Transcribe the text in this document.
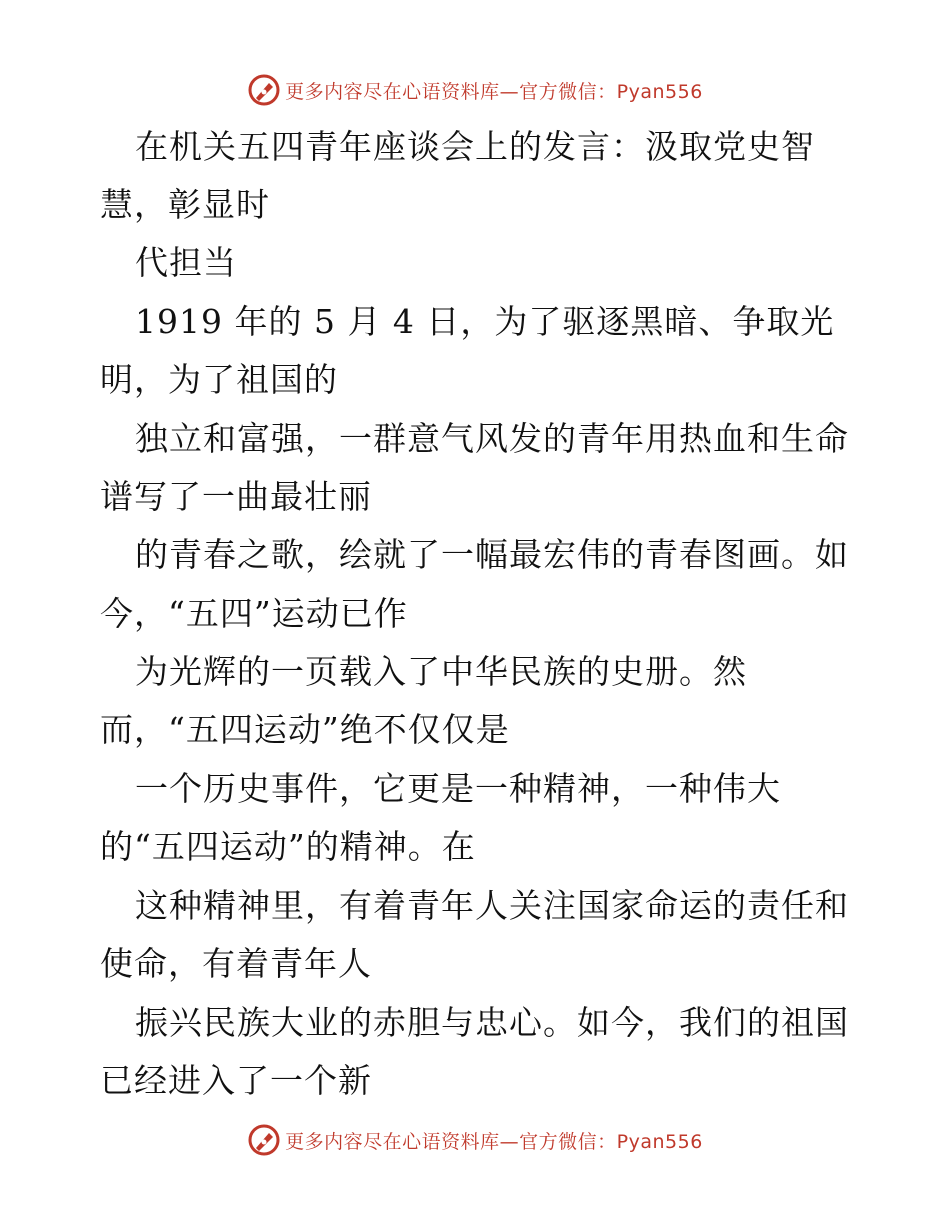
更多内容尽在心语资料库—官方微信：Pyan556
在机关五四青年座谈会上的发言：汲取党史智
慧，彰显时
代担当
1919 年的 5 月 4 日，为了驱逐黑暗、争取光
明，为了祖国的
独立和富强，一群意气风发的青年用热血和生命
谱写了一曲最壮丽
的青春之歌，绘就了一幅最宏伟的青春图画。如
今，“五四”运动已作
为光辉的一页载入了中华民族的史册。然
而，“五四运动”绝不仅仅是
一个历史事件，它更是一种精神，一种伟大
的“五四运动”的精神。在
这种精神里，有着青年人关注国家命运的责任和
使命，有着青年人
振兴民族大业的赤胆与忠心。如今，我们的祖国
已经进入了一个新
更多内容尽在心语资料库—官方微信：Pyan556
